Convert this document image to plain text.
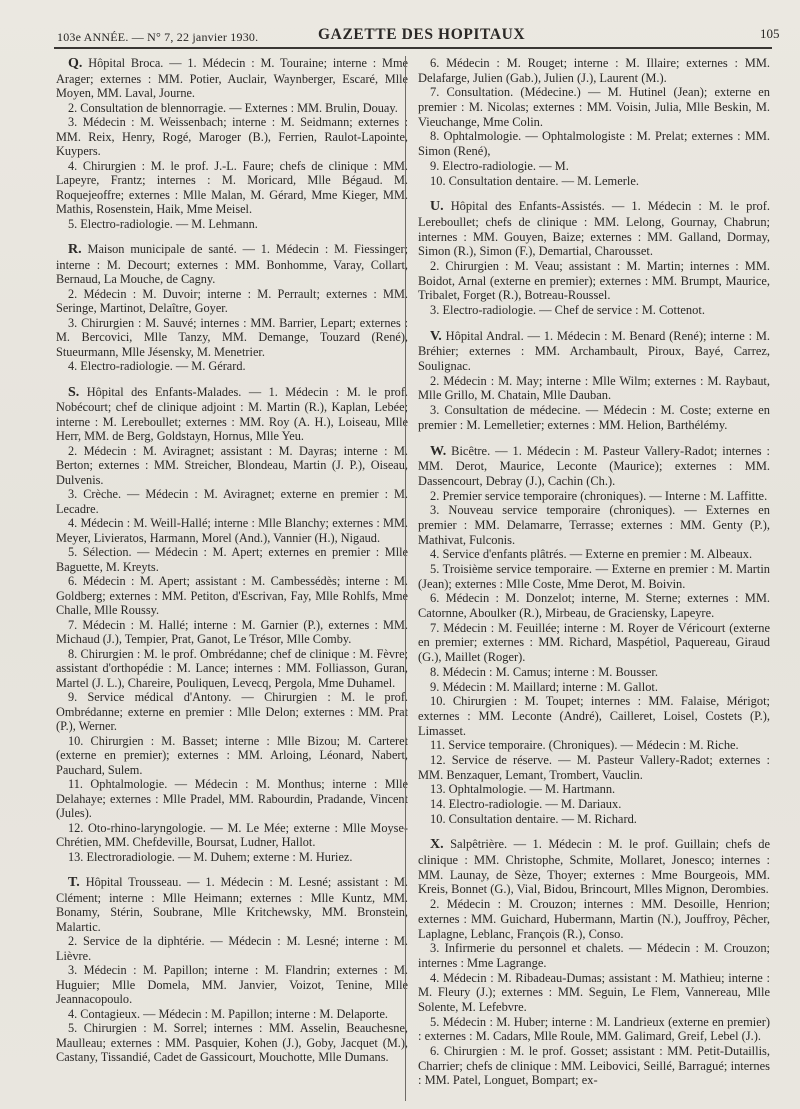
103e ANNÉE. — N° 7, 22 janvier 1930.	GAZETTE DES HOPITAUX	105

Q. Hôpital Broca. — 1. Médecin : M. Touraine; interne : Mme Arager; externes : MM. Potier, Auclair, Waynberger, Escaré, Mlle Moyen, MM. Laval, Journe.

2. Consultation de blennorragie. — Externes : MM. Brulin, Douay.

3. Médecin : M. Weissenbach; interne : M. Seidmann; externes : MM. Reix, Henry, Rogé, Maroger (B.), Ferrien, Raulot-Lapointe, Kuypers.

4. Chirurgien : M. le prof. J.-L. Faure; chefs de clinique : MM. Lapeyre, Frantz; internes : M. Moricard, Mlle Bégaud. M. Roquejeoffre; externes : Mlle Malan, M. Gérard, Mme Kieger, MM. Mathis, Rosenstein, Haik, Mme Meisel.

5. Electro-radiologie. — M. Lehmann.

R. Maison municipale de santé. — 1. Médecin : M. Fiessinger; interne : M. Decourt; externes : MM. Bonhomme, Varay, Collart, Bernaud, La Mouche, de Cagny.

2. Médecin : M. Duvoir; interne : M. Perrault; externes : MM. Seringe, Martinot, Delaître, Goyer.

3. Chirurgien : M. Sauvé; internes : MM. Barrier, Lepart; externes : M. Bercovici, Mlle Tanzy, MM. Demange, Touzard (René), Stueurmann, Mlle Jésensky, M. Menetrier.

4. Electro-radiologie. — M. Gérard.

S. Hôpital des Enfants-Malades. — 1. Médecin : M. le prof. Nobécourt; chef de clinique adjoint : M. Martin (R.), Kaplan, Lebée; interne : M. Lereboullet; externes : MM. Roy (A. H.), Loiseau, Mlle Herr, MM. de Berg, Goldstayn, Hornus, Mlle Yeu.

2. Médecin : M. Aviragnet; assistant : M. Dayras; interne : M. Berton; externes : MM. Streicher, Blondeau, Martin (J. P.), Oiseau, Dulvenis.

3. Crèche. — Médecin : M. Aviragnet; externe en premier : M. Lecadre.

4. Médecin : M. Weill-Hallé; interne : Mlle Blanchy; externes : MM. Meyer, Livieratos, Harmann, Morel (And.), Vannier (H.), Nigaud.

5. Sélection. — Médecin : M. Apert; externes en premier : Mlle Baguette, M. Kreyts.

6. Médecin : M. Apert; assistant : M. Cambessédès; interne : M. Goldberg; externes : MM. Petiton, d'Escrivan, Fay, Mlle Rohlfs, Mme Challe, Mlle Roussy.

7. Médecin : M. Hallé; interne : M. Garnier (P.), externes : MM. Michaud (J.), Tempier, Prat, Ganot, Le Trésor, Mlle Comby.

8. Chirurgien : M. le prof. Ombrédanne; chef de clinique : M. Fèvre; assistant d'orthopédie : M. Lance; internes : MM. Folliasson, Guran, Martel (J. L.), Chareire, Pouliquen, Levecq, Pergola, Mme Duhamel.

9. Service médical d'Antony. — Chirurgien : M. le prof. Ombrédanne; externe en premier : Mlle Delon; externes : MM. Prat (P.), Werner.

10. Chirurgien : M. Basset; interne : Mlle Bizou; M. Carteret (externe en premier); externes : MM. Arloing, Léonard, Nabert, Pauchard, Sulem.

11. Ophtalmologie. — Médecin : M. Monthus; interne : Mlle Delahaye; externes : Mlle Pradel, MM. Rabourdin, Pradande, Vincent (Jules).

12. Oto-rhino-laryngologie. — M. Le Mée; externe : Mlle Moyse-Chrétien, MM. Chefdeville, Boursat, Ludner, Hallot.

13. Electroradiologie. — M. Duhem; externe : M. Huriez.

T. Hôpital Trousseau. — 1. Médecin : M. Lesné; assistant : M. Clément; interne : Mlle Heimann; externes : Mlle Kuntz, MM. Bonamy, Stérin, Soubrane, Mlle Kritchewsky, MM. Bronstein, Malartic.

2. Service de la diphtérie. — Médecin : M. Lesné; interne : M. Lièvre.

3. Médecin : M. Papillon; interne : M. Flandrin; externes : M. Huguier; Mlle Domela, MM. Janvier, Voizot, Tenine, Mlle Jeannacopoulo.

4. Contagieux. — Médecin : M. Papillon; interne : M. Delaporte.

5. Chirurgien : M. Sorrel; internes : MM. Asselin, Beauchesne, Maulleau; externes : MM. Pasquier, Kohen (J.), Goby, Jacquet (M.), Castany, Tissandié, Cadet de Gassicourt, Mouchotte, Mlle Dumans.

6. Médecin : M. Rouget; interne : M. Illaire; externes : MM. Delafarge, Julien (Gab.), Julien (J.), Laurent (M.).

7. Consultation. (Médecine.) — M. Hutinel (Jean); externe en premier : M. Nicolas; externes : MM. Voisin, Julia, Mlle Beskin, M. Vieuchange, Mme Colin.

8. Ophtalmologie. — Ophtalmologiste : M. Prelat; externes : MM. Simon (René),

9. Electro-radiologie. — M.

10. Consultation dentaire. — M. Lemerle.

U. Hôpital des Enfants-Assistés. — 1. Médecin : M. le prof. Lereboullet; chefs de clinique : MM. Lelong, Gournay, Chabrun; internes : MM. Gouyen, Baize; externes : MM. Galland, Dormay, Simon (R.), Simon (F.), Demartial, Charousset.

2. Chirurgien : M. Veau; assistant : M. Martin; internes : MM. Boidot, Arnal (externe en premier); externes : MM. Brumpt, Maurice, Tribalet, Forget (R.), Botreau-Roussel.

3. Electro-radiologie. — Chef de service : M. Cottenot.

V. Hôpital Andral. — 1. Médecin : M. Benard (René); interne : M. Bréhier; externes : MM. Archambault, Piroux, Bayé, Carrez, Soulignac.

2. Médecin : M. May; interne : Mlle Wilm; externes : M. Raybaut, Mlle Grillo, M. Chatain, Mlle Dauban.

3. Consultation de médecine. — Médecin : M. Coste; externe en premier : M. Lemelletier; externes : MM. Helion, Barthélémy.

W. Bicêtre. — 1. Médecin : M. Pasteur Vallery-Radot; internes : MM. Derot, Maurice, Leconte (Maurice); externes : MM. Dassencourt, Debray (J.), Cachin (Ch.).

2. Premier service temporaire (chroniques). — Interne : M. Laffitte.

3. Nouveau service temporaire (chroniques). — Externes en premier : MM. Delamarre, Terrasse; externes : MM. Genty (P.), Mathivat, Fulconis.

4. Service d'enfants plâtrés. — Externe en premier : M. Albeaux.

5. Troisième service temporaire. — Externe en premier : M. Martin (Jean); externes : Mlle Coste, Mme Derot, M. Boivin.

6. Médecin : M. Donzelot; interne, M. Sterne; externes : MM. Catornne, Aboulker (R.), Mirbeau, de Graciensky, Lapeyre.

7. Médecin : M. Feuillée; interne : M. Royer de Véricourt (externe en premier; externes : MM. Richard, Maspétiol, Paquereau, Giraud (G.), Maillet (Roger).

8. Médecin : M. Camus; interne : M. Bousser.

9. Médecin : M. Maillard; interne : M. Gallot.

10. Chirurgien : M. Toupet; internes : MM. Falaise, Mérigot; externes : MM. Leconte (André), Cailleret, Loisel, Costets (P.), Limasset.

11. Service temporaire. (Chroniques). — Médecin : M. Riche.

12. Service de réserve. — M. Pasteur Vallery-Radot; externes : MM. Benzaquer, Lemant, Trombert, Vauclin.

13. Ophtalmologie. — M. Hartmann.

14. Electro-radiologie. — M. Dariaux.

10. Consultation dentaire. — M. Richard.

X. Salpêtrière. — 1. Médecin : M. le prof. Guillain; chefs de clinique : MM. Christophe, Schmite, Mollaret, Jonesco; internes : MM. Launay, de Sèze, Thoyer; externes : Mme Bourgeois, MM. Kreis, Bonnet (G.), Vial, Bidou, Brincourt, Mlles Mignon, Derombies.

2. Médecin : M. Crouzon; internes : MM. Desoille, Henrion; externes : MM. Guichard, Hubermann, Martin (N.), Jouffroy, Pêcher, Laplagne, Leblanc, François (R.), Conso.

3. Infirmerie du personnel et chalets. — Médecin : M. Crouzon; internes : Mme Lagrange.

4. Médecin : M. Ribadeau-Dumas; assistant : M. Mathieu; interne : M. Fleury (J.); externes : MM. Seguin, Le Flem, Vannereau, Mlle Solente, M. Lefebvre.

5. Médecin : M. Huber; interne : M. Landrieux (externe en premier) : externes : M. Cadars, Mlle Roule, MM. Galimard, Greif, Lebel (J.).

6. Chirurgien : M. le prof. Gosset; assistant : MM. Petit-Dutaillis, Charrier; chefs de clinique : MM. Leibovici, Seillé, Barragué; internes : MM. Patel, Longuet, Bompart; ex-
